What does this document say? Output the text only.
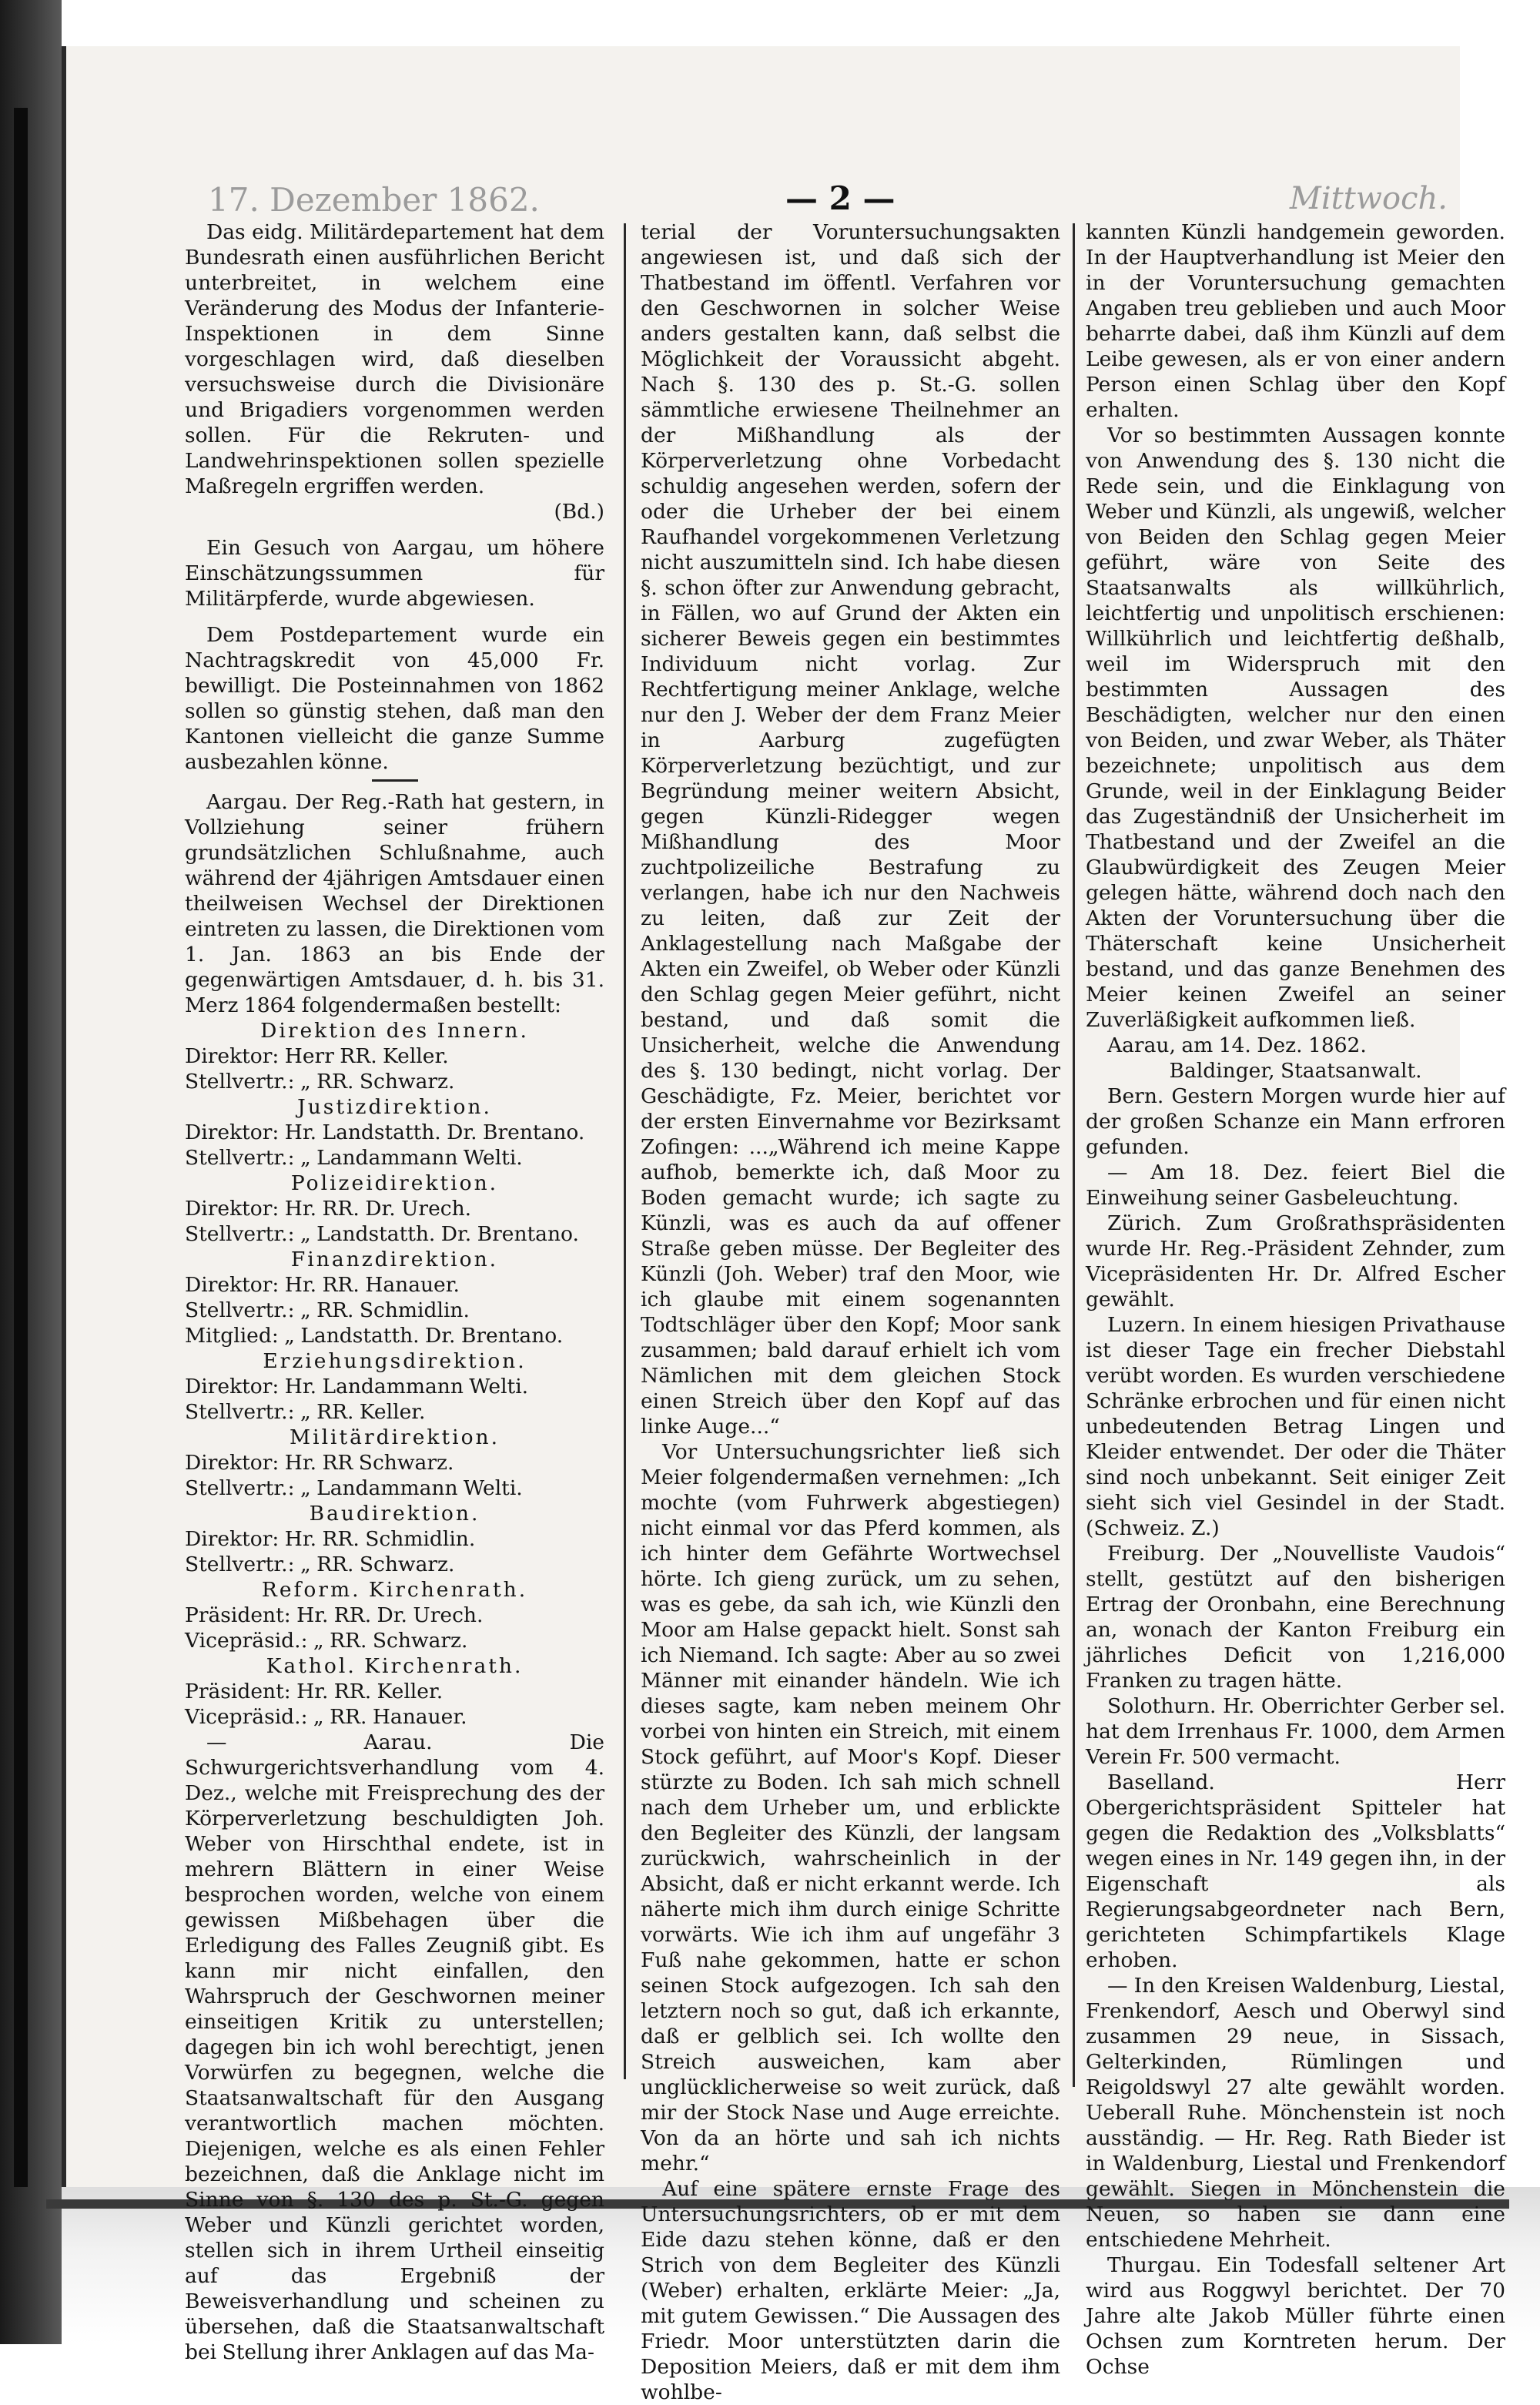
17. Dezember 1862.	— 2 —	Mittwoch.

Das eidg. Militärdepartement hat dem Bundesrath einen ausführlichen Bericht unterbreitet, in welchem eine Veränderung des Modus der Infanterie-Inspektionen in dem Sinne vorgeschlagen wird, daß dieselben versuchsweise durch die Divisionäre und Brigadiers vorgenommen werden sollen. Für die Rekruten- und Landwehrinspektionen sollen spezielle Maßregeln ergriffen werden.

(Bd.)

Ein Gesuch von Aargau, um höhere Einschätzungssummen für Militärpferde, wurde abgewiesen.

Dem Postdepartement wurde ein Nachtragskredit von 45,000 Fr. bewilligt. Die Posteinnahmen von 1862 sollen so günstig stehen, daß man den Kantonen vielleicht die ganze Summe ausbezahlen könne.

Aargau. Der Reg.-Rath hat gestern, in Vollziehung seiner frühern grundsätzlichen Schlußnahme, auch während der 4jährigen Amtsdauer einen theilweisen Wechsel der Direktionen eintreten zu lassen, die Direktionen vom 1. Jan. 1863 an bis Ende der gegenwärtigen Amtsdauer, d. h. bis 31. Merz 1864 folgendermaßen bestellt:

Direktion des Innern.

Direktor: Herr RR. Keller.

Stellvertr.: „ RR. Schwarz.

Justizdirektion.

Direktor: Hr. Landstatth. Dr. Brentano.

Stellvertr.: „ Landammann Welti.

Polizeidirektion.

Direktor: Hr. RR. Dr. Urech.

Stellvertr.: „ Landstatth. Dr. Brentano.

Finanzdirektion.

Direktor: Hr. RR. Hanauer.

Stellvertr.: „ RR. Schmidlin.

Mitglied: „ Landstatth. Dr. Brentano.

Erziehungsdirektion.

Direktor: Hr. Landammann Welti.

Stellvertr.: „ RR. Keller.

Militärdirektion.

Direktor: Hr. RR Schwarz.

Stellvertr.: „ Landammann Welti.

Baudirektion.

Direktor: Hr. RR. Schmidlin.

Stellvertr.: „ RR. Schwarz.

Reform. Kirchenrath.

Präsident: Hr. RR. Dr. Urech.

Vicepräsid.: „ RR. Schwarz.

Kathol. Kirchenrath.

Präsident: Hr. RR. Keller.

Vicepräsid.: „ RR. Hanauer.

— Aarau. Die Schwurgerichtsverhandlung vom 4. Dez., welche mit Freisprechung des der Körperverletzung beschuldigten Joh. Weber von Hirschthal endete, ist in mehrern Blättern in einer Weise besprochen worden, welche von einem gewissen Mißbehagen über die Erledigung des Falles Zeugniß gibt. Es kann mir nicht einfallen, den Wahrspruch der Geschwornen meiner einseitigen Kritik zu unterstellen; dagegen bin ich wohl berechtigt, jenen Vorwürfen zu begegnen, welche die Staatsanwaltschaft für den Ausgang verantwortlich machen möchten. Diejenigen, welche es als einen Fehler bezeichnen, daß die Anklage nicht im Sinne von §. 130 des p. St.-G. gegen Weber und Künzli gerichtet worden, stellen sich in ihrem Urtheil einseitig auf das Ergebniß der Beweisverhandlung und scheinen zu übersehen, daß die Staatsanwaltschaft bei Stellung ihrer Anklagen auf das Ma-

terial der Voruntersuchungsakten angewiesen ist, und daß sich der Thatbestand im öffentl. Verfahren vor den Geschwornen in solcher Weise anders gestalten kann, daß selbst die Möglichkeit der Voraussicht abgeht. Nach §. 130 des p. St.-G. sollen sämmtliche erwiesene Theilnehmer an der Mißhandlung als der Körperverletzung ohne Vorbedacht schuldig angesehen werden, sofern der oder die Urheber der bei einem Raufhandel vorgekommenen Verletzung nicht auszumitteln sind. Ich habe diesen §. schon öfter zur Anwendung gebracht, in Fällen, wo auf Grund der Akten ein sicherer Beweis gegen ein bestimmtes Individuum nicht vorlag. Zur Rechtfertigung meiner Anklage, welche nur den J. Weber der dem Franz Meier in Aarburg zugefügten Körperverletzung bezüchtigt, und zur Begründung meiner weitern Absicht, gegen Künzli-Ridegger wegen Mißhandlung des Moor zuchtpolizeiliche Bestrafung zu verlangen, habe ich nur den Nachweis zu leiten, daß zur Zeit der Anklagestellung nach Maßgabe der Akten ein Zweifel, ob Weber oder Künzli den Schlag gegen Meier geführt, nicht bestand, und daß somit die Unsicherheit, welche die Anwendung des §. 130 bedingt, nicht vorlag. Der Geschädigte, Fz. Meier, berichtet vor der ersten Einvernahme vor Bezirksamt Zofingen: ...„Während ich meine Kappe aufhob, bemerkte ich, daß Moor zu Boden gemacht wurde; ich sagte zu Künzli, was es auch da auf offener Straße geben müsse. Der Begleiter des Künzli (Joh. Weber) traf den Moor, wie ich glaube mit einem sogenannten Todtschläger über den Kopf; Moor sank zusammen; bald darauf erhielt ich vom Nämlichen mit dem gleichen Stock einen Streich über den Kopf auf das linke Auge...“

Vor Untersuchungsrichter ließ sich Meier folgendermaßen vernehmen: „Ich mochte (vom Fuhrwerk abgestiegen) nicht einmal vor das Pferd kommen, als ich hinter dem Gefährte Wortwechsel hörte. Ich gieng zurück, um zu sehen, was es gebe, da sah ich, wie Künzli den Moor am Halse gepackt hielt. Sonst sah ich Niemand. Ich sagte: Aber au so zwei Männer mit einander händeln. Wie ich dieses sagte, kam neben meinem Ohr vorbei von hinten ein Streich, mit einem Stock geführt, auf Moor's Kopf. Dieser stürzte zu Boden. Ich sah mich schnell nach dem Urheber um, und erblickte den Begleiter des Künzli, der langsam zurückwich, wahrscheinlich in der Absicht, daß er nicht erkannt werde. Ich näherte mich ihm durch einige Schritte vorwärts. Wie ich ihm auf ungefähr 3 Fuß nahe gekommen, hatte er schon seinen Stock aufgezogen. Ich sah den letztern noch so gut, daß ich erkannte, daß er gelblich sei. Ich wollte den Streich ausweichen, kam aber unglücklicherweise so weit zurück, daß mir der Stock Nase und Auge erreichte. Von da an hörte und sah ich nichts mehr.“

Auf eine spätere ernste Frage des Untersuchungsrichters, ob er mit dem Eide dazu stehen könne, daß er den Strich von dem Begleiter des Künzli (Weber) erhalten, erklärte Meier: „Ja, mit gutem Gewissen.“ Die Aussagen des Friedr. Moor unterstützten darin die Deposition Meiers, daß er mit dem ihm wohlbe-

kannten Künzli handgemein geworden. In der Hauptverhandlung ist Meier den in der Voruntersuchung gemachten Angaben treu geblieben und auch Moor beharrte dabei, daß ihm Künzli auf dem Leibe gewesen, als er von einer andern Person einen Schlag über den Kopf erhalten.

Vor so bestimmten Aussagen konnte von Anwendung des §. 130 nicht die Rede sein, und die Einklagung von Weber und Künzli, als ungewiß, welcher von Beiden den Schlag gegen Meier geführt, wäre von Seite des Staatsanwalts als willkührlich, leichtfertig und unpolitisch erschienen: Willkührlich und leichtfertig deßhalb, weil im Widerspruch mit den bestimmten Aussagen des Beschädigten, welcher nur den einen von Beiden, und zwar Weber, als Thäter bezeichnete; unpolitisch aus dem Grunde, weil in der Einklagung Beider das Zugeständniß der Unsicherheit im Thatbestand und der Zweifel an die Glaubwürdigkeit des Zeugen Meier gelegen hätte, während doch nach den Akten der Voruntersuchung über die Thäterschaft keine Unsicherheit bestand, und das ganze Benehmen des Meier keinen Zweifel an seiner Zuverläßigkeit aufkommen ließ.

Aarau, am 14. Dez. 1862.

Baldinger, Staatsanwalt.

Bern. Gestern Morgen wurde hier auf der großen Schanze ein Mann erfroren gefunden.

— Am 18. Dez. feiert Biel die Einweihung seiner Gasbeleuchtung.

Zürich. Zum Großrathspräsidenten wurde Hr. Reg.-Präsident Zehnder, zum Vicepräsidenten Hr. Dr. Alfred Escher gewählt.

Luzern. In einem hiesigen Privathause ist dieser Tage ein frecher Diebstahl verübt worden. Es wurden verschiedene Schränke erbrochen und für einen nicht unbedeutenden Betrag Lingen und Kleider entwendet. Der oder die Thäter sind noch unbekannt. Seit einiger Zeit sieht sich viel Gesindel in der Stadt. (Schweiz. Z.)

Freiburg. Der „Nouvelliste Vaudois“ stellt, gestützt auf den bisherigen Ertrag der Oronbahn, eine Berechnung an, wonach der Kanton Freiburg ein jährliches Deficit von 1,216,000 Franken zu tragen hätte.

Solothurn. Hr. Oberrichter Gerber sel. hat dem Irrenhaus Fr. 1000, dem Armen Verein Fr. 500 vermacht.

Baselland. Herr Obergerichtspräsident Spitteler hat gegen die Redaktion des „Volksblatts“ wegen eines in Nr. 149 gegen ihn, in der Eigenschaft als Regierungsabgeordneter nach Bern, gerichteten Schimpfartikels Klage erhoben.

— In den Kreisen Waldenburg, Liestal, Frenkendorf, Aesch und Oberwyl sind zusammen 29 neue, in Sissach, Gelterkinden, Rümlingen und Reigoldswyl 27 alte gewählt worden. Ueberall Ruhe. Mönchenstein ist noch ausständig. — Hr. Reg. Rath Bieder ist in Waldenburg, Liestal und Frenkendorf gewählt. Siegen in Mönchenstein die Neuen, so haben sie dann eine entschiedene Mehrheit.

Thurgau. Ein Todesfall seltener Art wird aus Roggwyl berichtet. Der 70 Jahre alte Jakob Müller führte einen Ochsen zum Korntreten herum. Der Ochse
